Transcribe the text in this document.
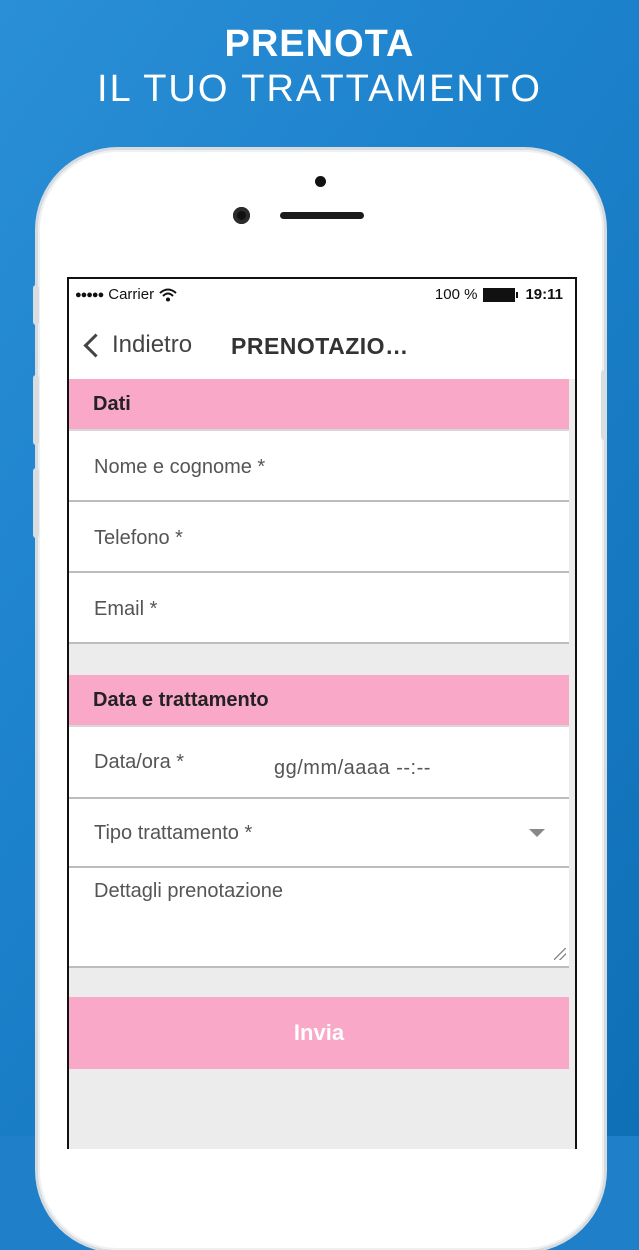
PRENOTA
IL TUO TRATTAMENTO
●●●●● Carrier	100 %	19:11
Indietro PRENOTAZIO…
Dati
Nome e cognome *
Telefono *
Email *
Data e trattamento
Data/ora *	gg/mm/aaaa --:--
Tipo trattamento *
Dettagli prenotazione
Invia
